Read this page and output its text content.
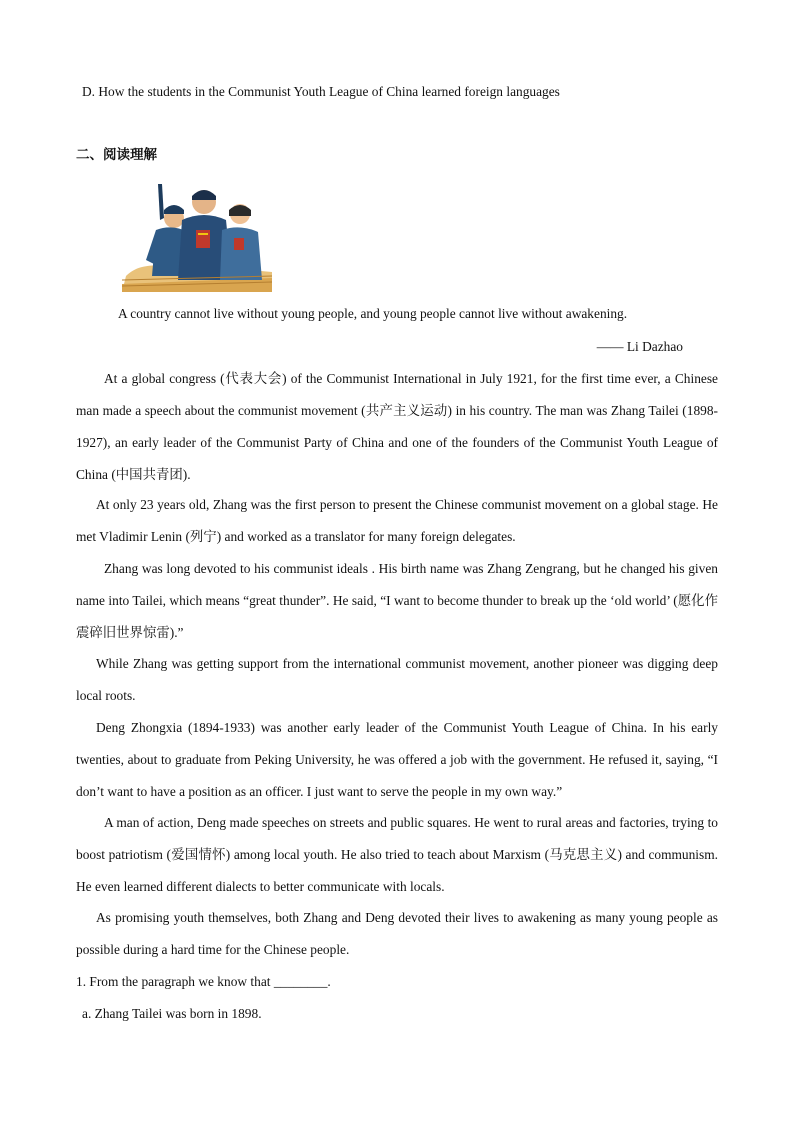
D. How the students in the Communist Youth League of China learned foreign languages
二、阅读理解
A country cannot live without young people, and young people cannot live without awakening.
—— Li Dazhao
At a global congress (代表大会) of the Communist International in July 1921, for the first time ever, a Chinese man made a speech about the communist movement (共产主义运动) in his country. The man was Zhang Tailei (1898-1927), an early leader of the Communist Party of China and one of the founders of the Communist Youth League of China (中国共青团).
At only 23 years old, Zhang was the first person to present the Chinese communist movement on a global stage. He met Vladimir Lenin (列宁) and worked as a translator for many foreign delegates.
Zhang was long devoted to his communist ideals . His birth name was Zhang Zengrang, but he changed his given name into Tailei, which means “great thunder”. He said, “I want to become thunder to break up the ‘old world’ (愿化作震碎旧世界惊雷).”
While Zhang was getting support from the international communist movement, another pioneer was digging deep local roots.
Deng Zhongxia (1894-1933) was another early leader of the Communist Youth League of China. In his early twenties, about to graduate from Peking University, he was offered a job with the government. He refused it, saying, “I don’t want to have a position as an officer. I just want to serve the people in my own way.”
A man of action, Deng made speeches on streets and public squares. He went to rural areas and factories, trying to boost patriotism (爱国情怀) among local youth. He also tried to teach about Marxism (马克思主义) and communism. He even learned different dialects to better communicate with locals.
As promising youth themselves, both Zhang and Deng devoted their lives to awakening as many young people as possible during a hard time for the Chinese people.
1. From the paragraph we know that ________.
a. Zhang Tailei was born in 1898.
